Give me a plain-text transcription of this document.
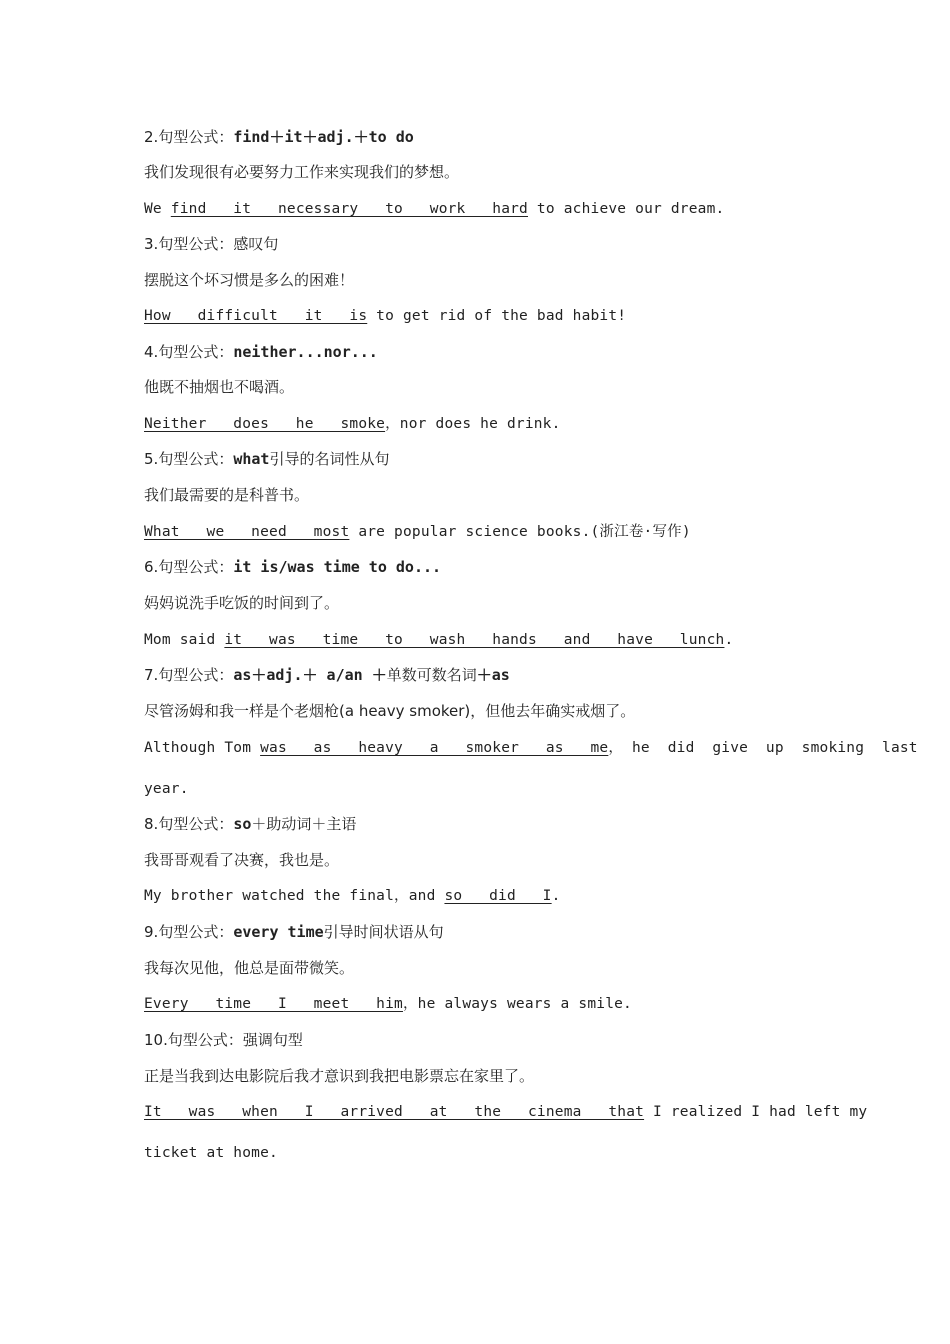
2.句型公式：find＋it＋adj.＋to do
我们发现很有必要努力工作来实现我们的梦想。
We find   it   necessary   to   work   hard to achieve our dream.
3.句型公式：感叹句
摆脱这个坏习惯是多么的困难！
How   difficult   it   is to get rid of the bad habit!
4.句型公式：neither...nor...
他既不抽烟也不喝酒。
Neither   does   he   smoke，nor does he drink.
5.句型公式：what引导的名词性从句
我们最需要的是科普书。
What   we   need   most are popular science books.(浙江卷·写作)
6.句型公式：it is/was time to do...
妈妈说洗手吃饭的时间到了。
Mom said it   was   time   to   wash   hands   and   have   lunch.
7.句型公式：as＋adj.＋ a/an ＋单数可数名词＋as
尽管汤姆和我一样是个老烟枪(a heavy smoker)，但他去年确实戒烟了。
Although Tom was   as   heavy   a   smoker   as   me， he  did  give  up  smoking  last
year.
8.句型公式：so＋助动词＋主语
我哥哥观看了决赛，我也是。
My brother watched the final，and so   did   I.
9.句型公式：every time引导时间状语从句
我每次见他，他总是面带微笑。
Every   time   I   meet   him，he always wears a smile.
10.句型公式：强调句型
正是当我到达电影院后我才意识到我把电影票忘在家里了。
It   was   when   I   arrived   at   the   cinema   that I realized I had left my
ticket at home.
